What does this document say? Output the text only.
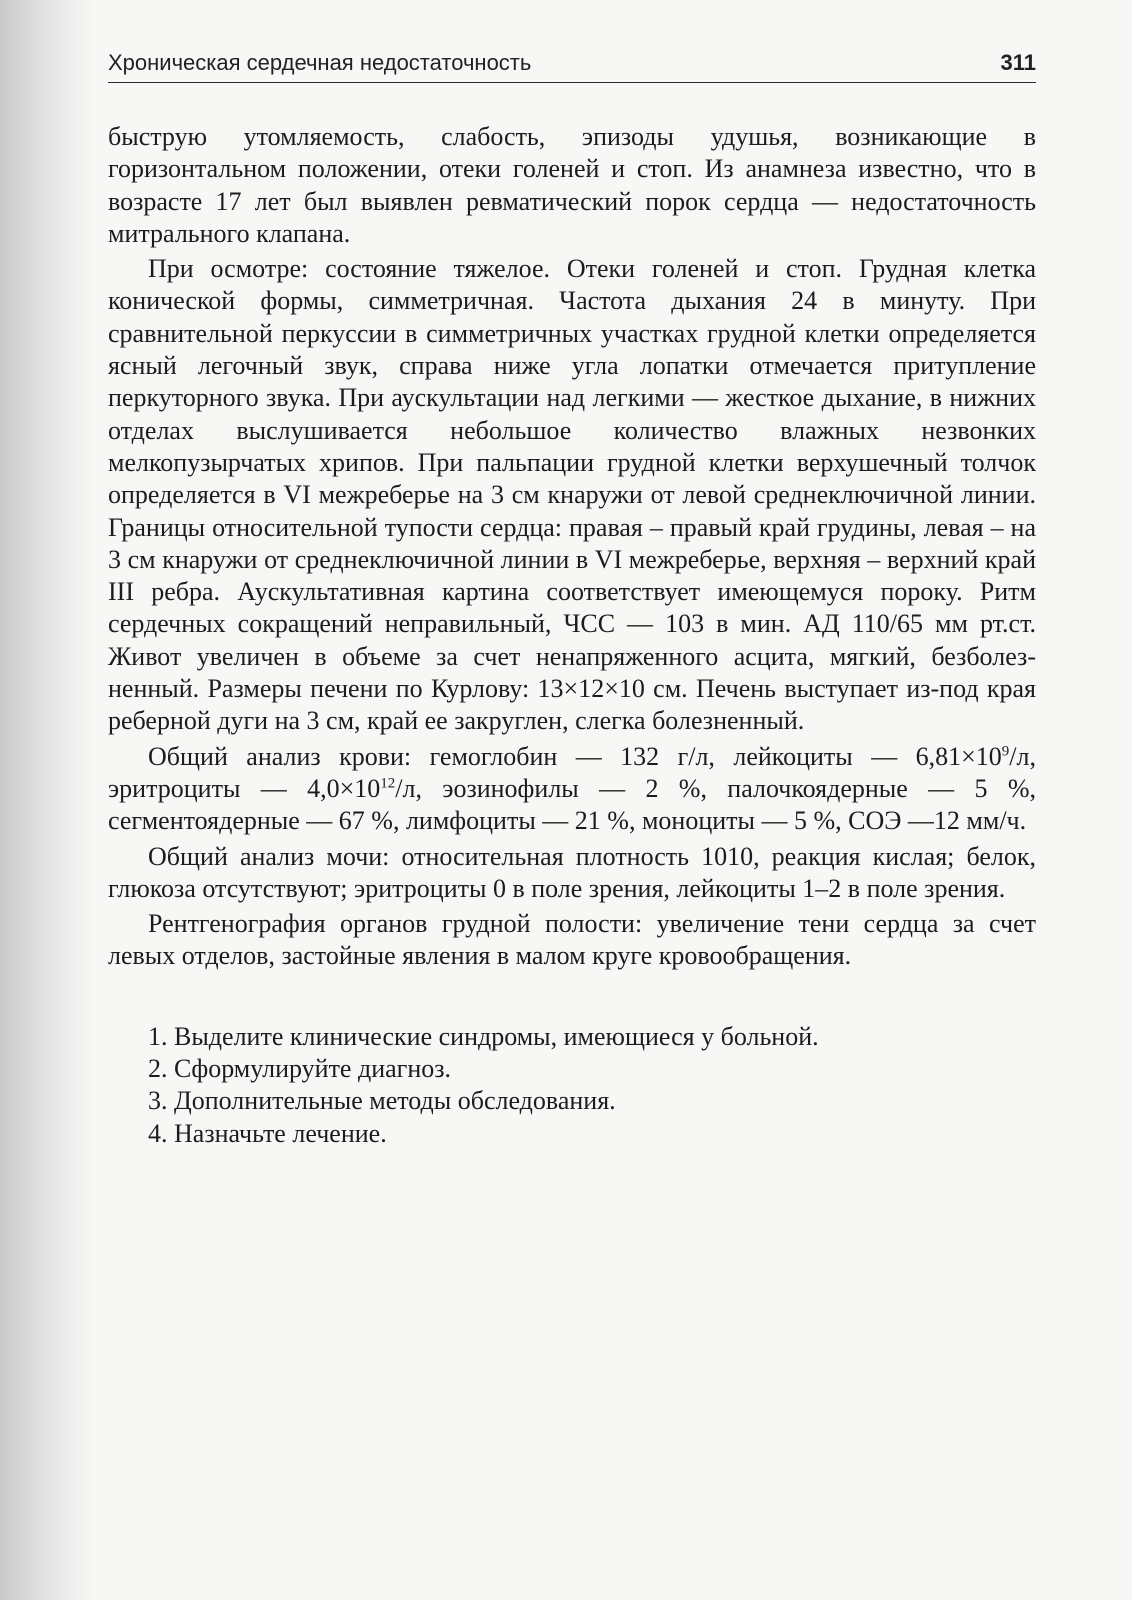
Хроническая сердечная недостаточность	311

быструю утомляемость, слабость, эпизоды удушья, возникающие в горизонтальном положении, отеки голеней и стоп. Из анамнеза известно, что в возрасте 17 лет был выявлен ревматический порок сердца — недостаточность митрального клапана.

При осмотре: состояние тяжелое. Отеки голеней и стоп. Грудная клетка конической формы, симметричная. Частота дыхания 24 в минуту. При сравнительной перкуссии в симметричных участках грудной клетки определяется ясный легочный звук, справа ниже угла лопатки отмечается притупление перкуторного звука. При аускультации над легкими — жесткое дыхание, в нижних отделах выслушивается небольшое количество влажных незвонких мелкопузырчатых хрипов. При пальпации грудной клетки верхушечный толчок определяется в VI межреберье на 3 см кнаружи от левой среднеключичной линии. Границы относительной тупости сердца: правая – правый край грудины, левая – на 3 см кнаружи от среднеключичной линии в VI межреберье, верхняя – верхний край III ребра. Аускультативная картина соответствует имеющемуся пороку. Ритм сердечных сокращений неправильный, ЧСС — 103 в мин. АД 110/65 мм рт.ст. Живот увеличен в объеме за счет ненапряженного асцита, мягкий, безболезненный. Размеры печени по Курлову: 13×12×10 см. Печень выступает из-под края реберной дуги на 3 см, край ее закруглен, слегка болезненный.

Общий анализ крови: гемоглобин — 132 г/л, лейкоциты — $6,81\times 10^9/л$, эритроциты — $4,0\times 10^{12}/л$, эозинофилы — 2 %, палочкоядерные — 5 %, сегментоядерные — 67 %, лимфоциты — 21 %, моноциты — 5 %, СОЭ —12 мм/ч.

Общий анализ мочи: относительная плотность 1010, реакция кислая; белок, глюкоза отсутствуют; эритроциты 0 в поле зрения, лейкоциты 1–2 в поле зрения.

Рентгенография органов грудной полости: увеличение тени сердца за счет левых отделов, застойные явления в малом круге кровообращения.

1. Выделите клинические синдромы, имеющиеся у больной.
2. Сформулируйте диагноз.
3. Дополнительные методы обследования.
4. Назначьте лечение.
